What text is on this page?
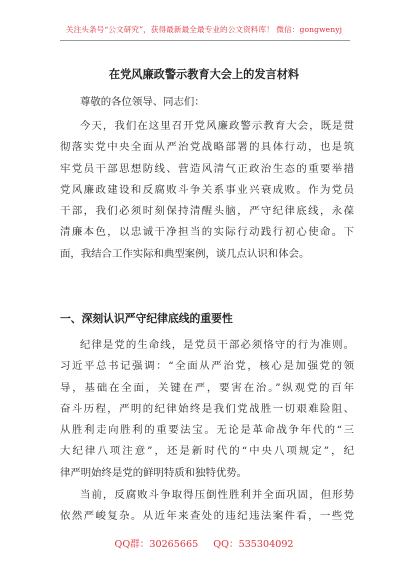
关注头条号“公文研究”，获得最新最全最专业的公文资料库！ 微信：gongwenyj
在党风廉政警示教育大会上的发言材料
尊敬的各位领导、同志们：
今天，我们在这里召开党风廉政警示教育大会，既是贯
彻落实党中央全面从严治党战略部署的具体行动，也是筑
牢党员干部思想防线、营造风清气正政治生态的重要举措
党风廉政建设和反腐败斗争关系事业兴衰成败。作为党员
干部，我们必须时刻保持清醒头脑，严守纪律底线，永葆
清廉本色，以忠诚干净担当的实际行动践行初心使命。下
面，我结合工作实际和典型案例，谈几点认识和体会。
一、深刻认识严守纪律底线的重要性
纪律是党的生命线，是党员干部必须恪守的行为准则。
习近平总书记强调：“全面从严治党，核心是加强党的领
导，基础在全面，关键在严，要害在治。”纵观党的百年
奋斗历程，严明的纪律始终是我们党战胜一切艰难险阻、
从胜利走向胜利的重要法宝。无论是革命战争年代的“三
大纪律八项注意”，还是新时代的“中央八项规定”，纪
律严明始终是党的鲜明特质和独特优势。
当前，反腐败斗争取得压倒性胜利并全面巩固，但形势
依然严峻复杂。从近年来查处的违纪违法案件看，一些党
QQ群：30265665 QQ：535304092
